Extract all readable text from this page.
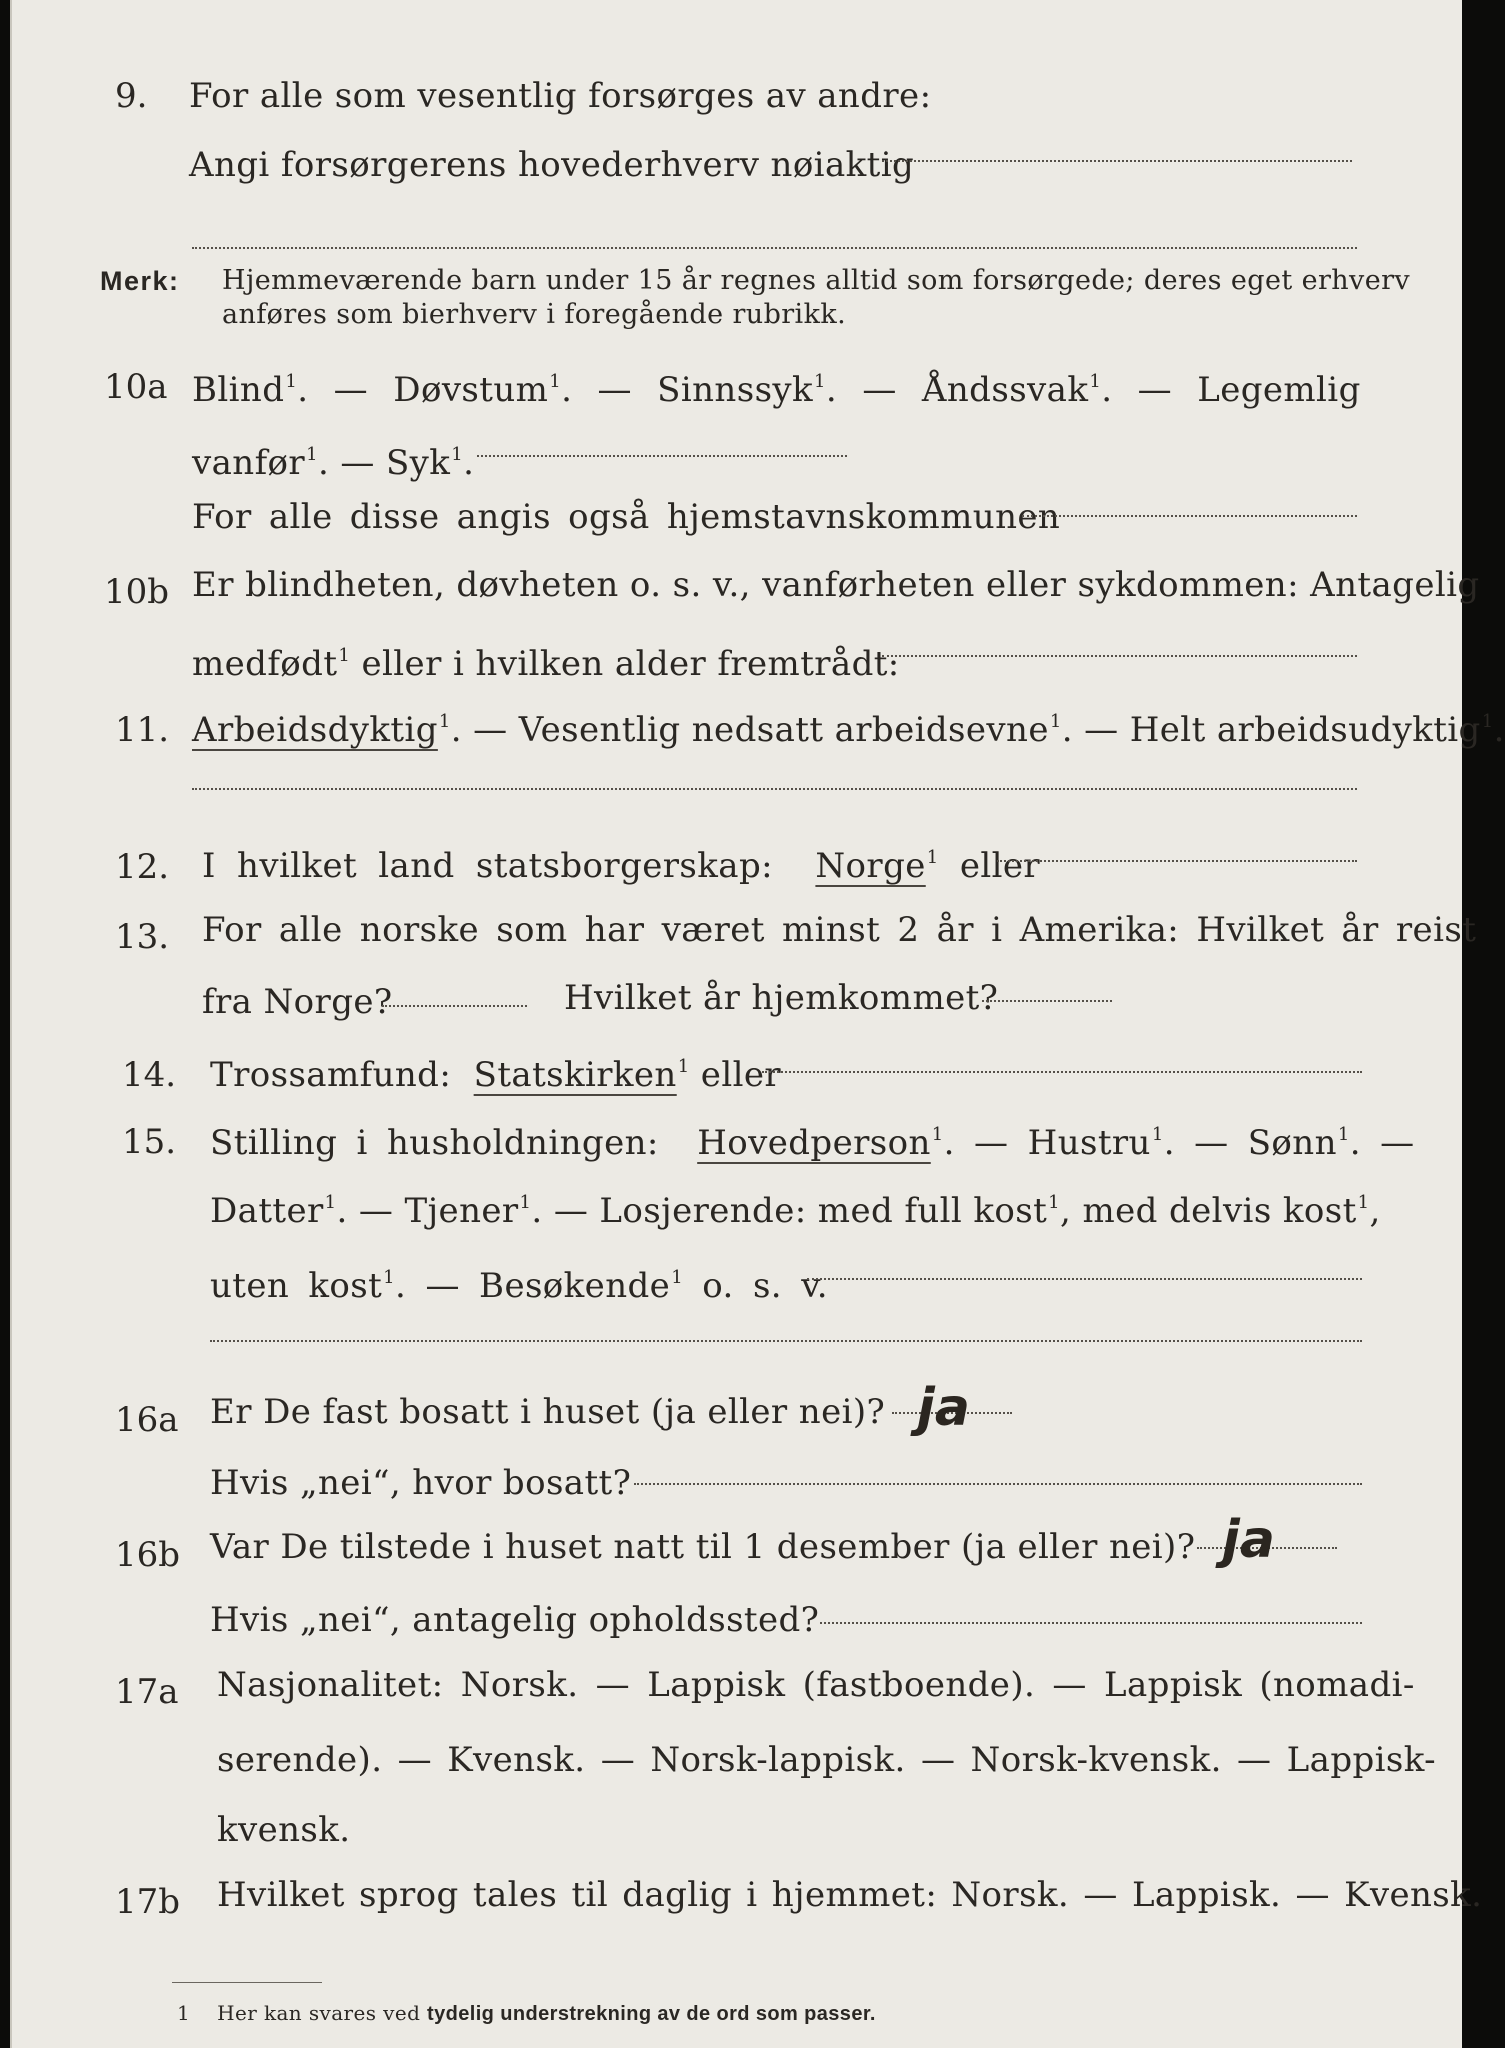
9. For alle som vesentlig forsørges av andre:
Angi forsørgerens hovederhverv nøiaktig
Merk: Hjemmeværende barn under 15 år regnes alltid som forsørgede; deres eget erhverv
anføres som bierhverv i foregående rubrikk.
10a Blind$^1$. — Døvstum$^1$. — Sinnssyk$^1$. — Åndssvak$^1$. — Legemlig
vanfør$^1$. — Syk$^1$.
For alle disse angis også hjemstavnskommunen
10b Er blindheten, døvheten o. s. v., vanførheten eller sykdommen: Antagelig
medfødt$^1$ eller i hvilken alder fremtrådt:
11. Arbeidsdyktig$^1$. — Vesentlig nedsatt arbeidsevne$^1$. — Helt arbeidsudyktig$^1$.
12. I hvilket land statsborgerskap: Norge$^1$ eller
13. For alle norske som har været minst 2 år i Amerika: Hvilket år reist
fra Norge?	Hvilket år hjemkommet?
14. Trossamfund: Statskirken$^1$ eller
15. Stilling i husholdningen: Hovedperson$^1$. — Hustru$^1$. — Sønn$^1$. —
Datter$^1$. — Tjener$^1$. — Losjerende: med full kost$^1$, med delvis kost$^1$,
uten kost$^1$. — Besøkende$^1$ o. s. v.
16a Er De fast bosatt i huset (ja eller nei)? ja
Hvis „nei“, hvor bosatt?
16b Var De tilstede i huset natt til 1 desember (ja eller nei)? ja
Hvis „nei“, antagelig opholdssted?
17a Nasjonalitet: Norsk. — Lappisk (fastboende). — Lappisk (nomadi-
serende). — Kvensk. — Norsk-lappisk. — Norsk-kvensk. — Lappisk-
kvensk.
17b Hvilket sprog tales til daglig i hjemmet: Norsk. — Lappisk. — Kvensk.
1 Her kan svares ved tydelig understrekning av de ord som passer.
